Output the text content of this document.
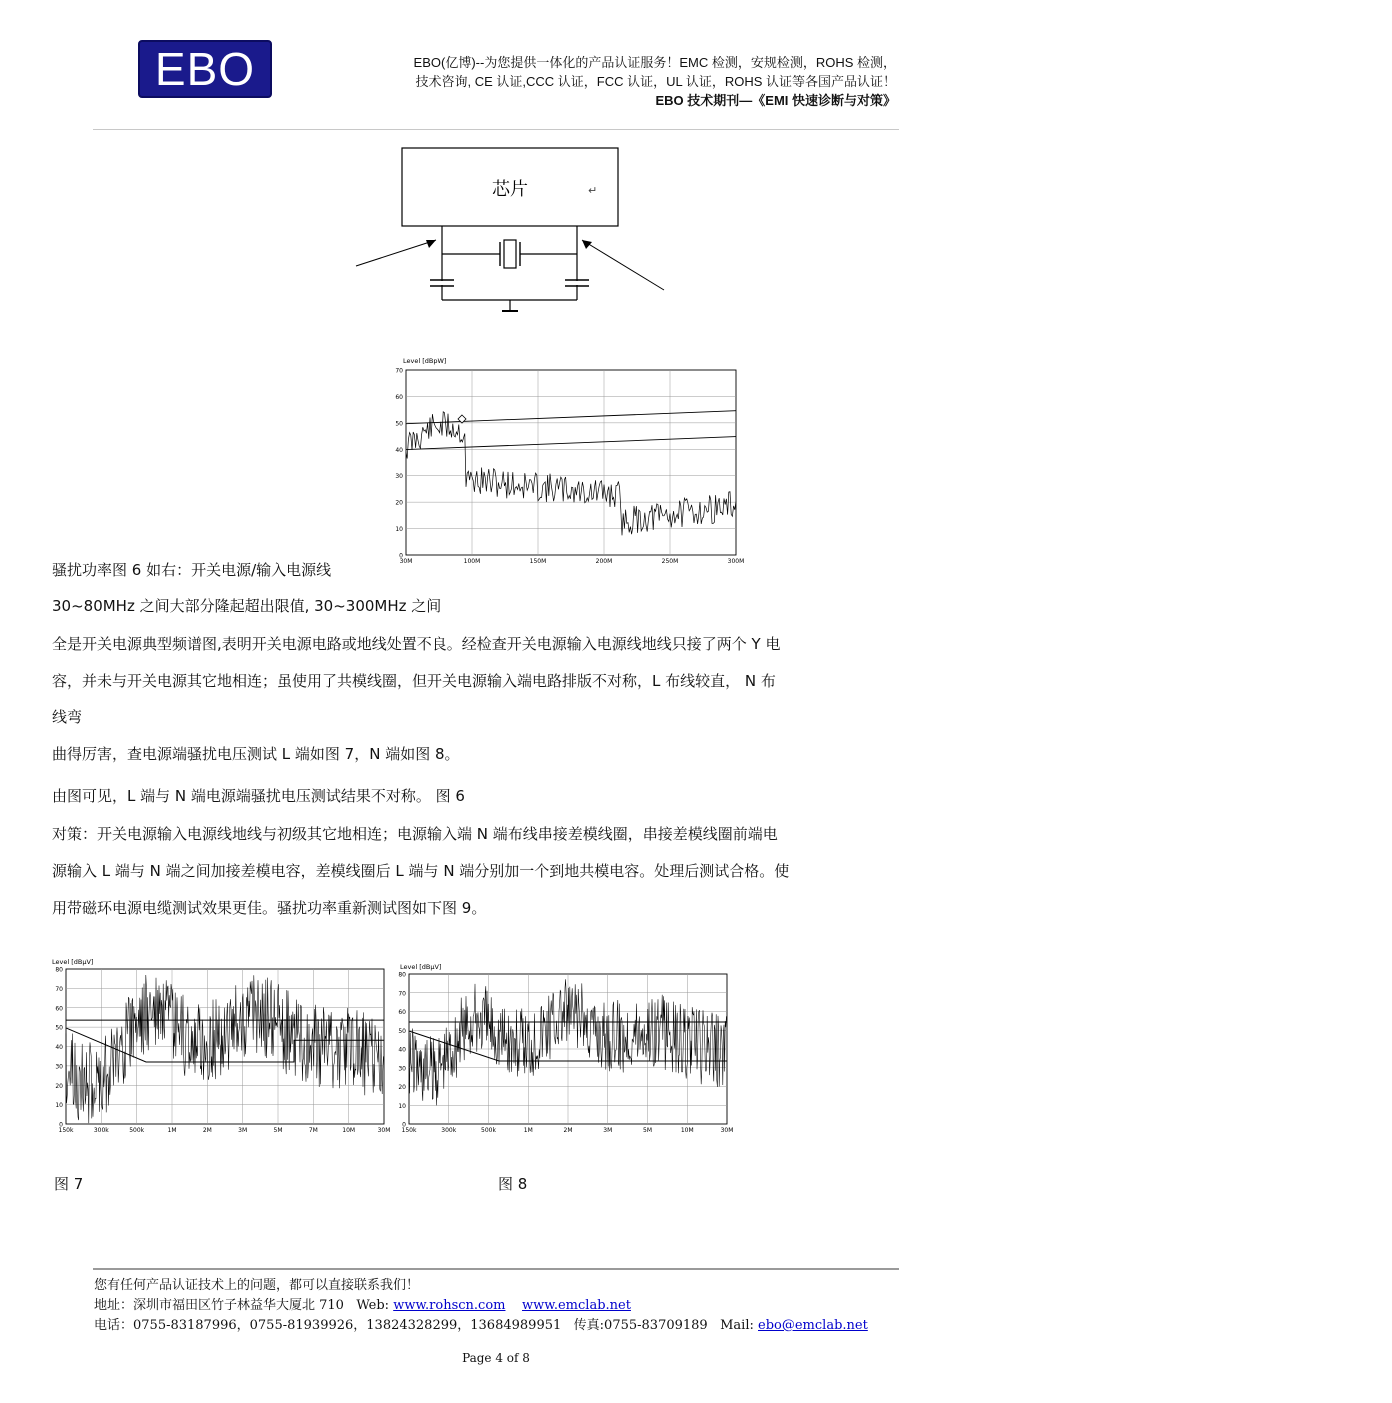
EBO	EBO(亿博)--为您提供一体化的产品认证服务！EMC 检测，安规检测，ROHS 检测，
技术咨询, CE 认证,CCC 认证，FCC 认证，UL 认证，ROHS 认证等各国产品认证！
EBO 技术期刊—《EMI 快速诊断与对策》
芯片	↵
Level [dBpW]
70
60
50
40
30
20
10
0
30M	100M	150M	200M	250M	300M
骚扰功率图 6 如右：开关电源/输入电源线
30~80MHz 之间大部分隆起超出限值, 30~300MHz 之间
全是开关电源典型频谱图,表明开关电源电路或地线处置不良。经检查开关电源输入电源线地线只接了两个 Y 电
容，并未与开关电源其它地相连；虽使用了共模线圈，但开关电源输入端电路排版不对称，L 布线较直， N 布
线弯
曲得厉害，查电源端骚扰电压测试 L 端如图 7，N 端如图 8。
由图可见，L 端与 N 端电源端骚扰电压测试结果不对称。 图 6
对策：开关电源输入电源线地线与初级其它地相连；电源输入端 N 端布线串接差模线圈，串接差模线圈前端电
源输入 L 端与 N 端之间加接差模电容，差模线圈后 L 端与 N 端分别加一个到地共模电容。处理后测试合格。使
用带磁环电源电缆测试效果更佳。骚扰功率重新测试图如下图 9。
Level [dBμV]
80
70
60
50
40
30
20
10
0
150k	300k	500k	1M	2M	3M	5M	7M	10M	30M
Level [dBμV]
80
70
60
50
40
30
20
10
0
150k	300k	500k	1M	2M	3M	5M	10M	30M
图 7	图 8
您有任何产品认证技术上的问题，都可以直接联系我们！
地址：深圳市福田区竹子林益华大厦北 710 Web: www.rohscn.com www.emclab.net
电话：0755-83187996，0755-81939926，13824328299，13684989951 传真:0755-83709189 Mail: ebo@emclab.net
Page 4 of 8
